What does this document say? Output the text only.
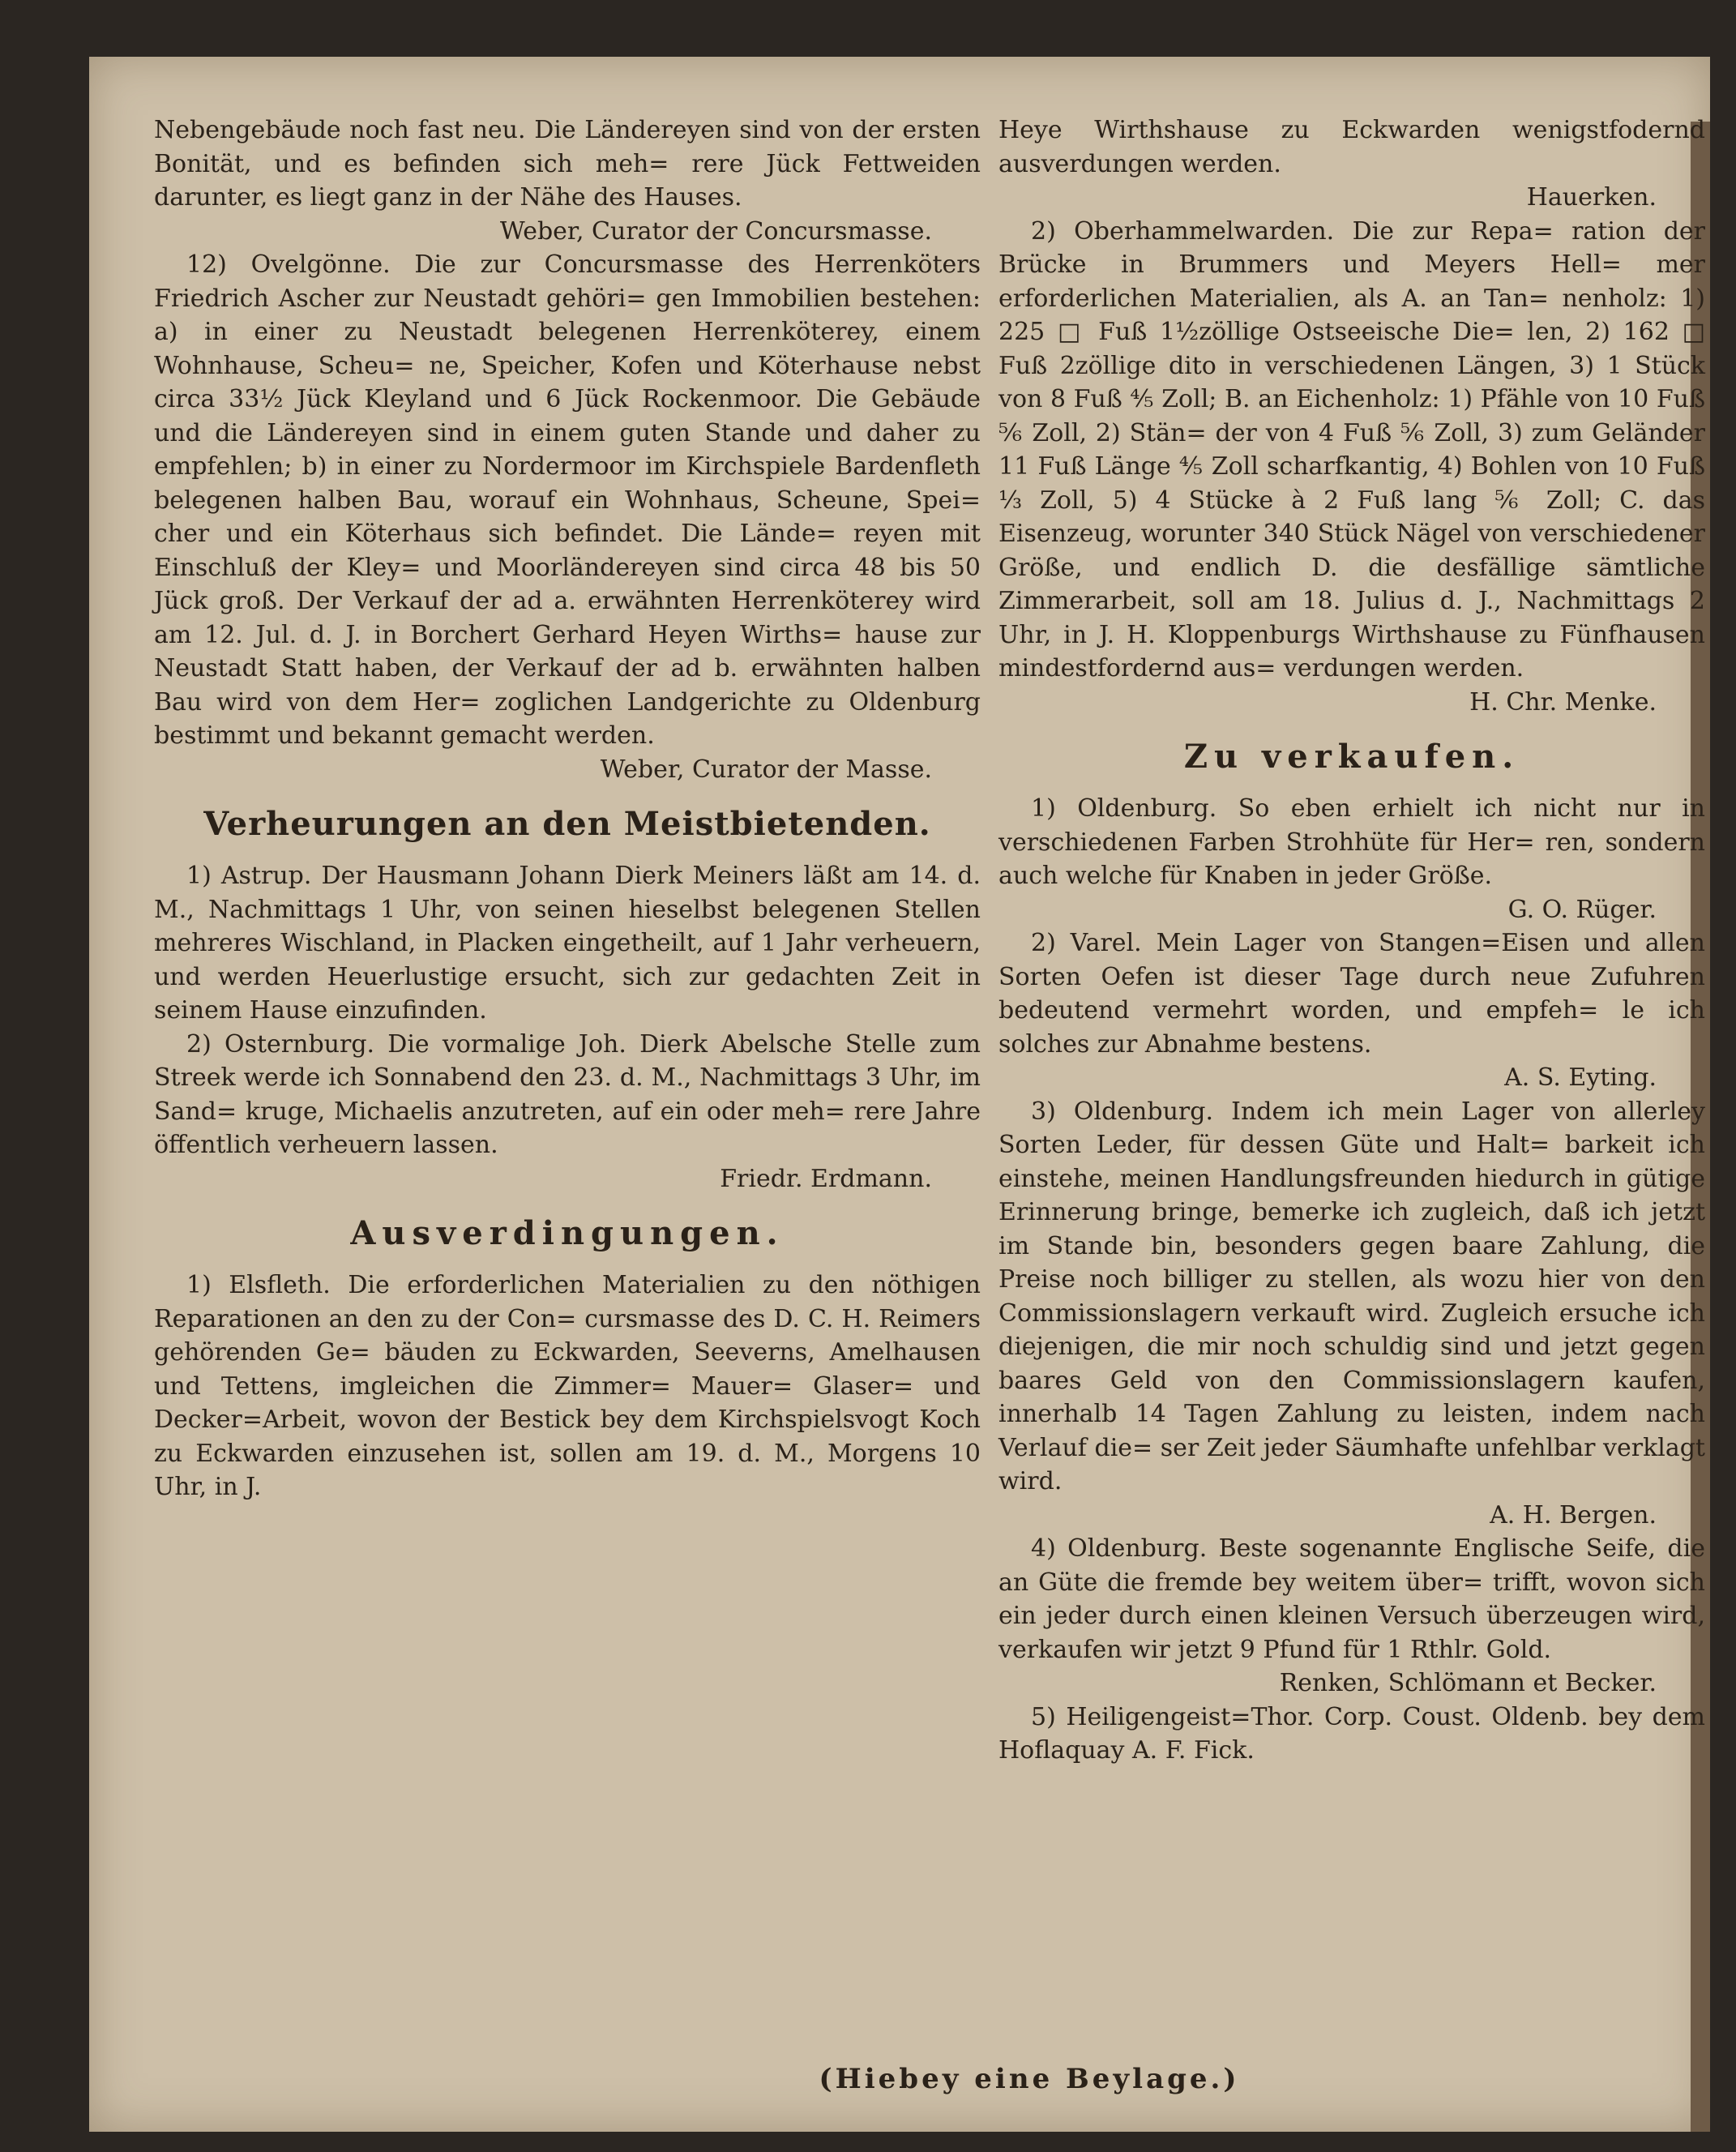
Nebengebäude noch fast neu. Die Ländereyen sind von der ersten Bonität, und es befinden sich meh= rere Jück Fettweiden darunter, es liegt ganz in der Nähe des Hauses.

Weber, Curator der Concursmasse.

12) Ovelgönne. Die zur Concursmasse des Herrenköters Friedrich Ascher zur Neustadt gehöri= gen Immobilien bestehen: a) in einer zu Neustadt belegenen Herrenköterey, einem Wohnhause, Scheu= ne, Speicher, Kofen und Köterhause nebst circa 33½ Jück Kleyland und 6 Jück Rockenmoor. Die Gebäude und die Ländereyen sind in einem guten Stande und daher zu empfehlen; b) in einer zu Nordermoor im Kirchspiele Bardenfleth belegenen halben Bau, worauf ein Wohnhaus, Scheune, Spei= cher und ein Köterhaus sich befindet. Die Lände= reyen mit Einschluß der Kley= und Moorländereyen sind circa 48 bis 50 Jück groß. Der Verkauf der ad a. erwähnten Herrenköterey wird am 12. Jul. d. J. in Borchert Gerhard Heyen Wirths= hause zur Neustadt Statt haben, der Verkauf der ad b. erwähnten halben Bau wird von dem Her= zoglichen Landgerichte zu Oldenburg bestimmt und bekannt gemacht werden.

Weber, Curator der Masse.

Verheurungen an den Meistbietenden.

1) Astrup. Der Hausmann Johann Dierk Meiners läßt am 14. d. M., Nachmittags 1 Uhr, von seinen hieselbst belegenen Stellen mehreres Wischland, in Placken eingetheilt, auf 1 Jahr verheuern, und werden Heuerlustige ersucht, sich zur gedachten Zeit in seinem Hause einzufinden.

2) Osternburg. Die vormalige Joh. Dierk Abelsche Stelle zum Streek werde ich Sonnabend den 23. d. M., Nachmittags 3 Uhr, im Sand= kruge, Michaelis anzutreten, auf ein oder meh= rere Jahre öffentlich verheuern lassen.

Friedr. Erdmann.

Ausverdingungen.

1) Elsfleth. Die erforderlichen Materialien zu den nöthigen Reparationen an den zu der Con= cursmasse des D. C. H. Reimers gehörenden Ge= bäuden zu Eckwarden, Seeverns, Amelhausen und Tettens, imgleichen die Zimmer= Mauer= Glaser= und Decker=Arbeit, wovon der Bestick bey dem Kirchspielsvogt Koch zu Eckwarden einzusehen ist, sollen am 19. d. M., Morgens 10 Uhr, in J.

Heye Wirthshause zu Eckwarden wenigstfodernd ausverdungen werden.

Hauerken.

2) Oberhammelwarden. Die zur Repa= ration der Brücke in Brummers und Meyers Hell= mer erforderlichen Materialien, als A. an Tan= nenholz: 1) 225 □ Fuß 1½zöllige Ostseeische Die= len, 2) 162 □ Fuß 2zöllige dito in verschiedenen Längen, 3) 1 Stück von 8 Fuß ⅘ Zoll; B. an Eichenholz: 1) Pfähle von 10 Fuß ⅚ Zoll, 2) Stän= der von 4 Fuß ⅚ Zoll, 3) zum Geländer 11 Fuß Länge ⅘ Zoll scharfkantig, 4) Bohlen von 10 Fuß ⅓ Zoll, 5) 4 Stücke à 2 Fuß lang ⅚ Zoll; C. das Eisenzeug, worunter 340 Stück Nägel von verschiedener Größe, und endlich D. die desfällige sämtliche Zimmerarbeit, soll am 18. Julius d. J., Nachmittags 2 Uhr, in J. H. Kloppenburgs Wirthshause zu Fünfhausen mindestfordernd aus= verdungen werden.

H. Chr. Menke.

Zu verkaufen.

1) Oldenburg. So eben erhielt ich nicht nur in verschiedenen Farben Strohhüte für Her= ren, sondern auch welche für Knaben in jeder Größe.

G. O. Rüger.

2) Varel. Mein Lager von Stangen=Eisen und allen Sorten Oefen ist dieser Tage durch neue Zufuhren bedeutend vermehrt worden, und empfeh= le ich solches zur Abnahme bestens.

A. S. Eyting.

3) Oldenburg. Indem ich mein Lager von allerley Sorten Leder, für dessen Güte und Halt= barkeit ich einstehe, meinen Handlungsfreunden hiedurch in gütige Erinnerung bringe, bemerke ich zugleich, daß ich jetzt im Stande bin, besonders gegen baare Zahlung, die Preise noch billiger zu stellen, als wozu hier von den Commissionslagern verkauft wird. Zugleich ersuche ich diejenigen, die mir noch schuldig sind und jetzt gegen baares Geld von den Commissionslagern kaufen, innerhalb 14 Tagen Zahlung zu leisten, indem nach Verlauf die= ser Zeit jeder Säumhafte unfehlbar verklagt wird.

A. H. Bergen.

4) Oldenburg. Beste sogenannte Englische Seife, die an Güte die fremde bey weitem über= trifft, wovon sich ein jeder durch einen kleinen Versuch überzeugen wird, verkaufen wir jetzt 9 Pfund für 1 Rthlr. Gold.

Renken, Schlömann et Becker.

5) Heiligengeist=Thor. Corp. Coust. Oldenb. bey dem Hoflaquay A. F. Fick.

(Hiebey eine Beylage.)
